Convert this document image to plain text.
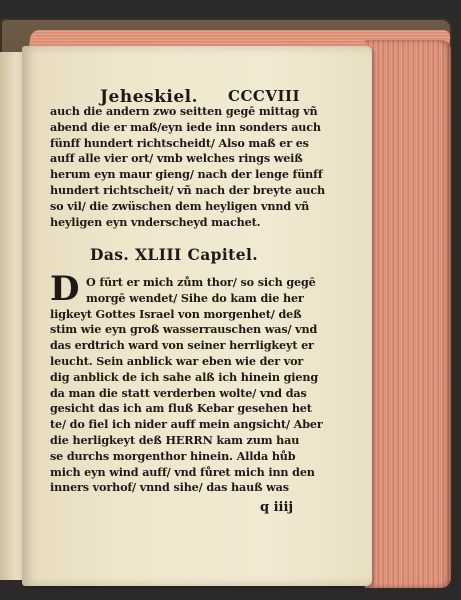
Jeheskiel. CCCVIII
auch die andern zwo seitten gegē mittag vñ
abend die er maß/eyn iede inn sonders auch
fünff hundert richtscheidt/ Also maß er es
auff alle vier ort/ vmb welches rings weiß
herum eyn maur gieng/ nach der lenge fünff
hundert richtscheit/ vñ nach der breyte auch
so vil/ die zwüschen dem heyligen vnnd vñ
heyligen eyn vnderscheyd machet.
Das. XLIII Capitel.
D O fūrt er mich zům thor/ so sich gegē
morgē wendet/ Sihe do kam die her
ligkeyt Gottes Israel von morgenhet/ deß
stim wie eyn groß wasserrauschen was/ vnd
das erdtrich ward von seiner herrligkeyt er
leucht. Sein anblick war eben wie der vor
dig anblick de ich sahe alß ich hinein gieng
da man die statt verderben wolte/ vnd das
gesicht das ich am fluß Kebar gesehen het
te/ do fiel ich nider auff mein angsicht/ Aber
die herligkeyt deß HERRN kam zum hau
se durchs morgenthor hinein. Allda hůb
mich eyn wind auff/ vnd fůret mich inn den
inners vorhof/ vnnd sihe/ das hauß was
q iiij
